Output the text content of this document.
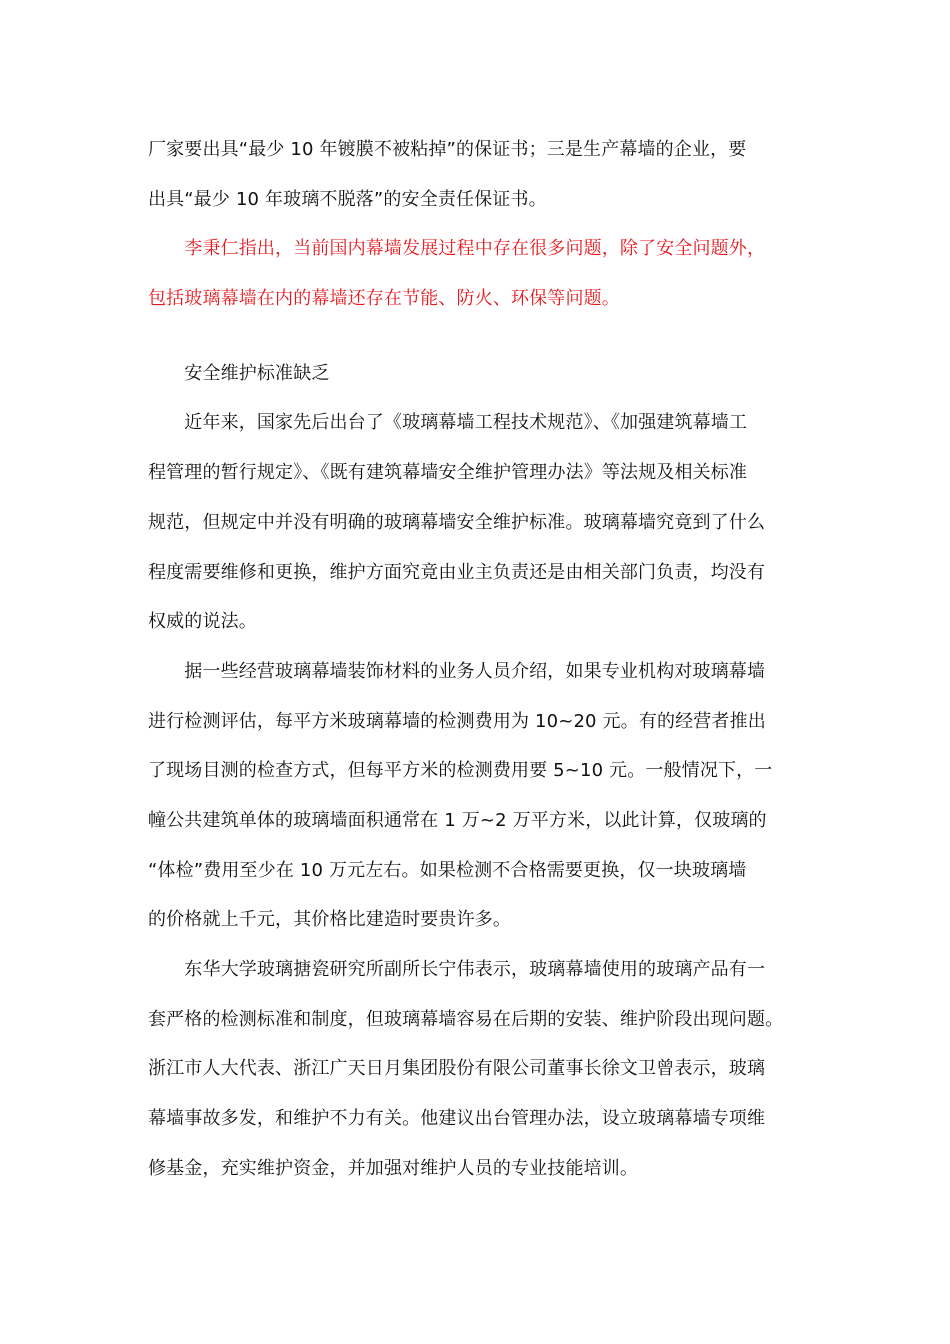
厂家要出具“最少 10 年镀膜不被粘掉”的保证书；三是生产幕墙的企业，要
出具“最少 10 年玻璃不脱落”的安全责任保证书。
　　李秉仁指出，当前国内幕墙发展过程中存在很多问题，除了安全问题外，
包括玻璃幕墙在内的幕墙还存在节能、防火、环保等问题。
　　安全维护标准缺乏
　　近年来，国家先后出台了《玻璃幕墙工程技术规范》、《加强建筑幕墙工
程管理的暂行规定》、《既有建筑幕墙安全维护管理办法》等法规及相关标准
规范，但规定中并没有明确的玻璃幕墙安全维护标准。玻璃幕墙究竟到了什么
程度需要维修和更换，维护方面究竟由业主负责还是由相关部门负责，均没有
权威的说法。
　　据一些经营玻璃幕墙装饰材料的业务人员介绍，如果专业机构对玻璃幕墙
进行检测评估，每平方米玻璃幕墙的检测费用为 10~20 元。有的经营者推出
了现场目测的检查方式，但每平方米的检测费用要 5~10 元。一般情况下，一
幢公共建筑单体的玻璃墙面积通常在 1 万~2 万平方米，以此计算，仅玻璃的
“体检”费用至少在 10 万元左右。如果检测不合格需要更换，仅一块玻璃墙
的价格就上千元，其价格比建造时要贵许多。
　　东华大学玻璃搪瓷研究所副所长宁伟表示，玻璃幕墙使用的玻璃产品有一
套严格的检测标准和制度，但玻璃幕墙容易在后期的安装、维护阶段出现问题。
浙江市人大代表、浙江广天日月集团股份有限公司董事长徐文卫曾表示，玻璃
幕墙事故多发，和维护不力有关。他建议出台管理办法，设立玻璃幕墙专项维
修基金，充实维护资金，并加强对维护人员的专业技能培训。
